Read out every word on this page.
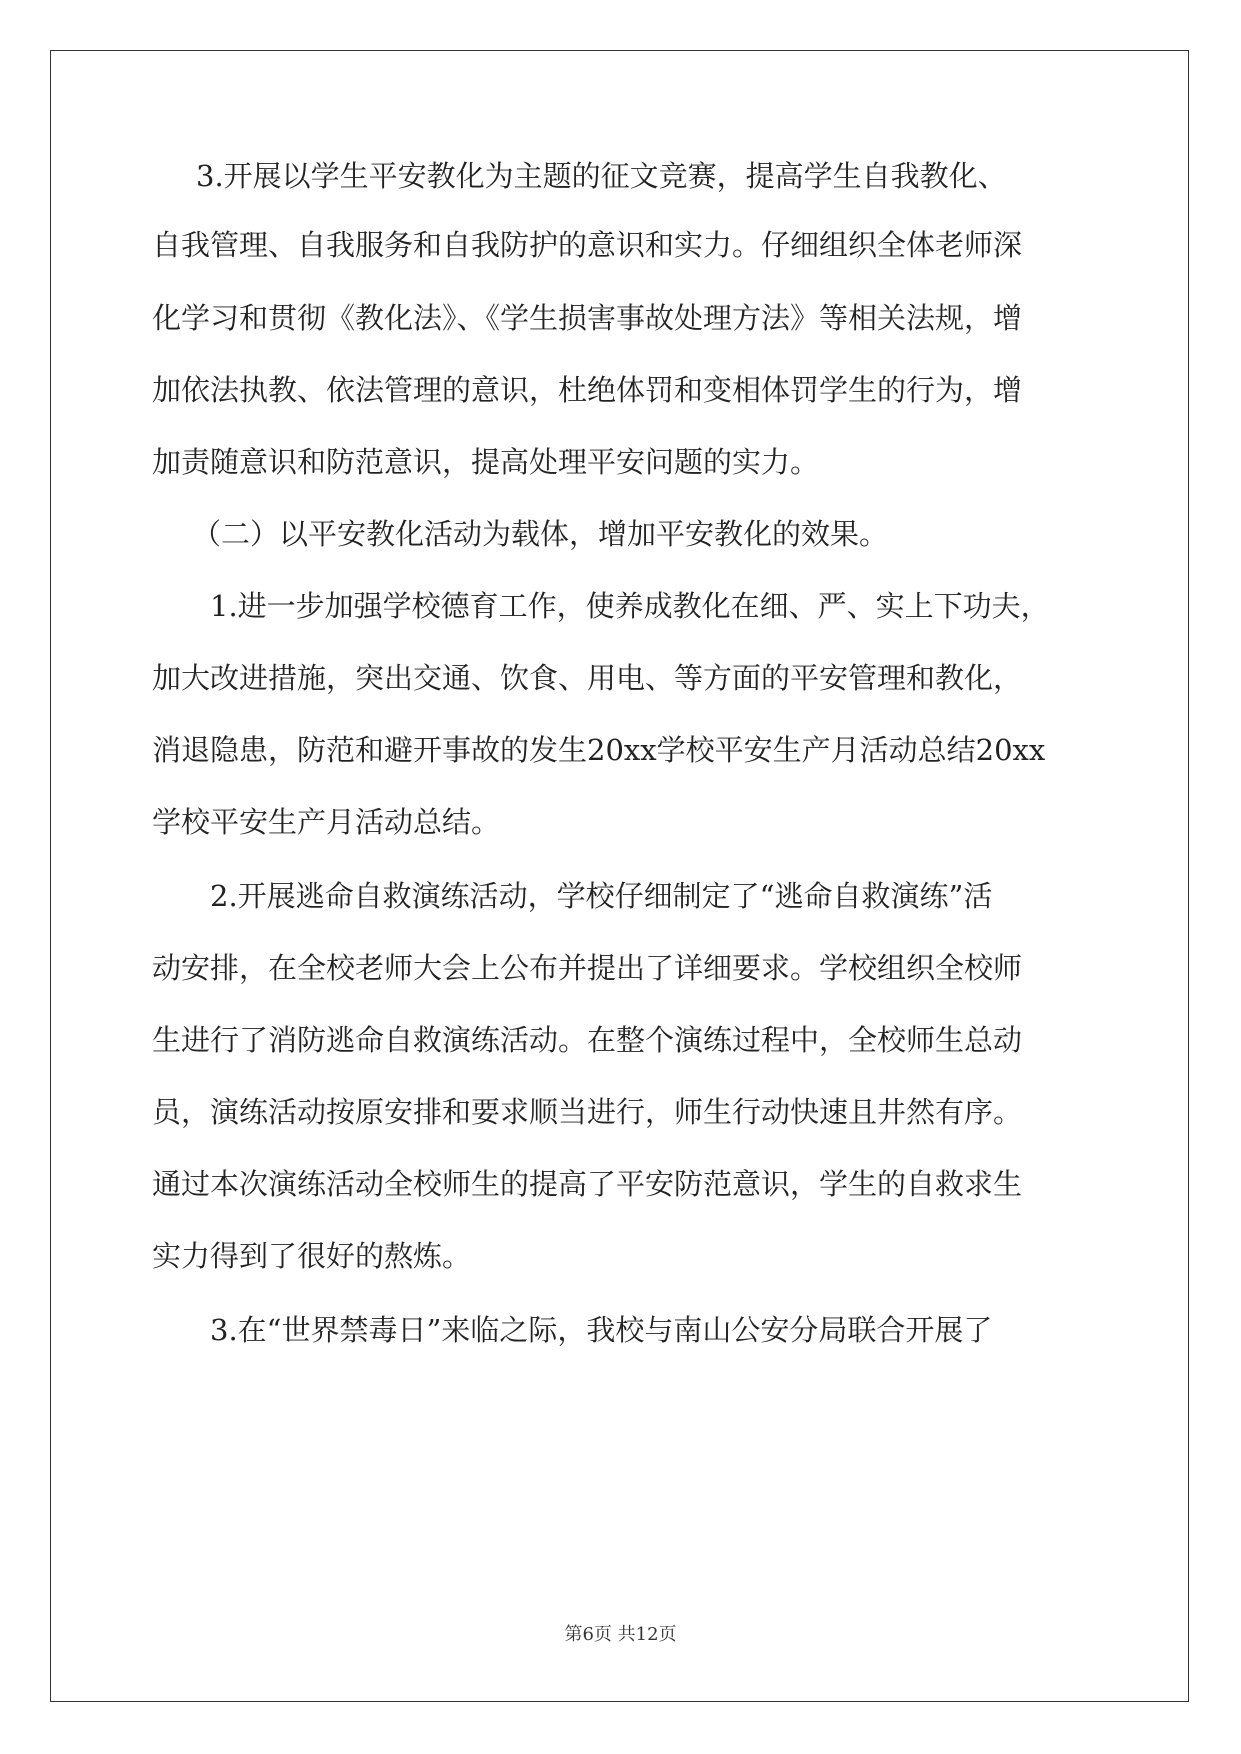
3.开展以学生平安教化为主题的征文竞赛，提高学生自我教化、
自我管理、自我服务和自我防护的意识和实力。仔细组织全体老师深
化学习和贯彻《教化法》、《学生损害事故处理方法》等相关法规，增
加依法执教、依法管理的意识，杜绝体罚和变相体罚学生的行为，增
加责随意识和防范意识，提高处理平安问题的实力。
（二）以平安教化活动为载体，增加平安教化的效果。
1.进一步加强学校德育工作，使养成教化在细、严、实上下功夫，
加大改进措施，突出交通、饮食、用电、等方面的平安管理和教化，
消退隐患，防范和避开事故的发生20xx学校平安生产月活动总结20xx
学校平安生产月活动总结。
2.开展逃命自救演练活动，学校仔细制定了“逃命自救演练”活
动安排，在全校老师大会上公布并提出了详细要求。学校组织全校师
生进行了消防逃命自救演练活动。在整个演练过程中，全校师生总动
员，演练活动按原安排和要求顺当进行，师生行动快速且井然有序。
通过本次演练活动全校师生的提高了平安防范意识，学生的自救求生
实力得到了很好的熬炼。
3.在“世界禁毒日”来临之际，我校与南山公安分局联合开展了
第6页 共12页
